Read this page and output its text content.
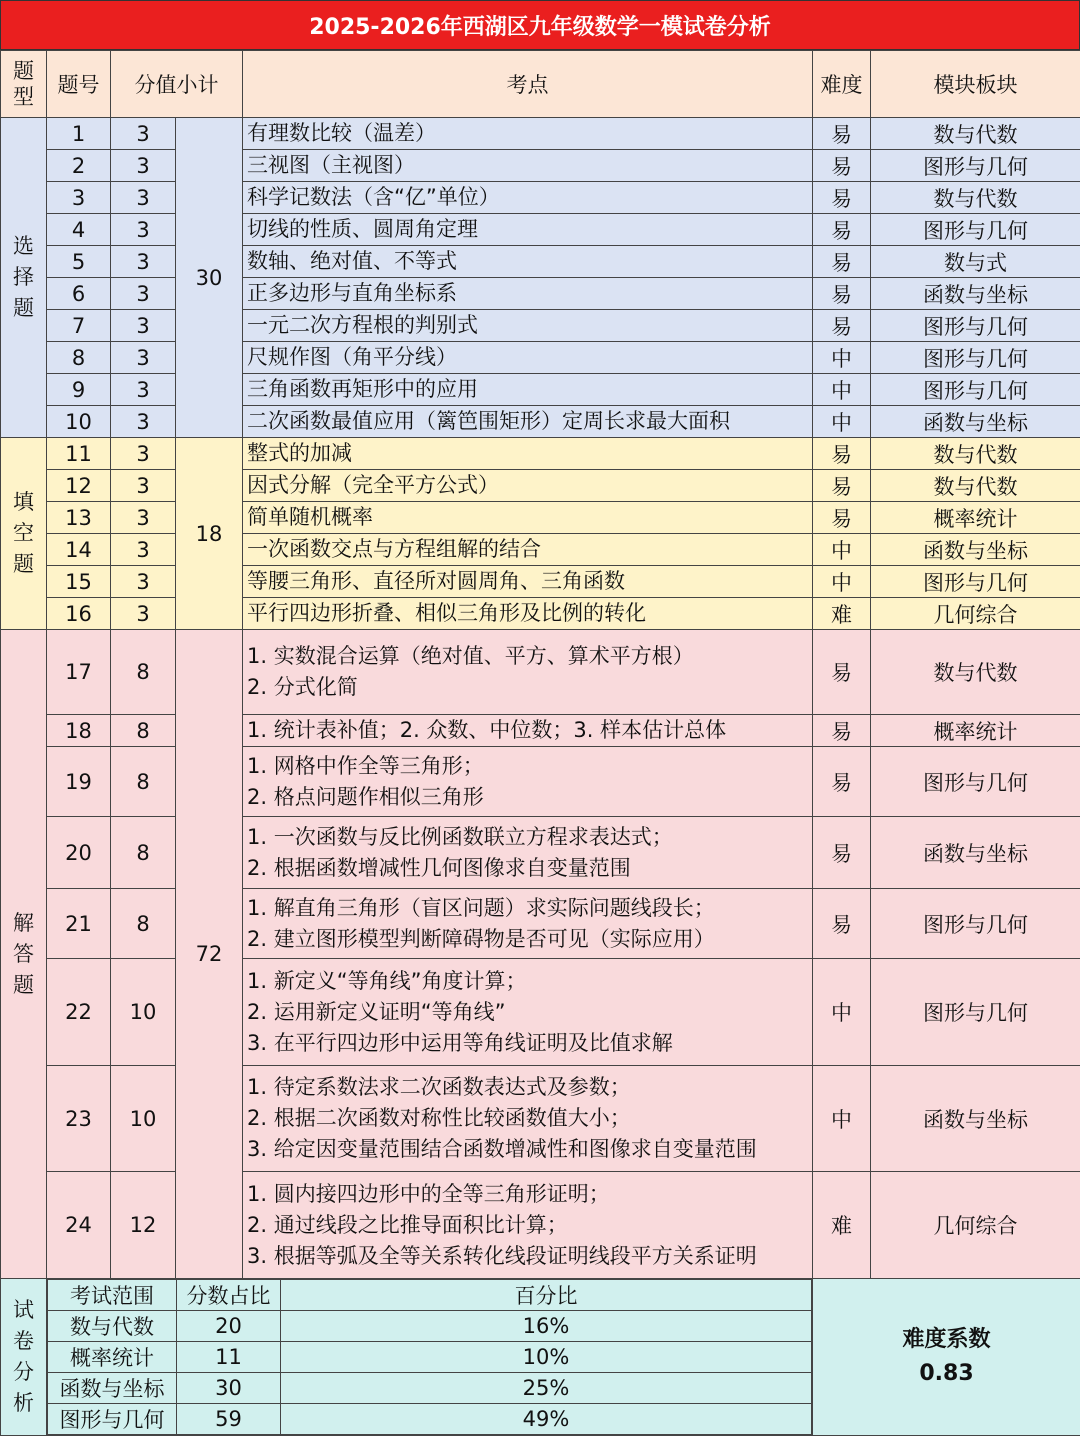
2025-2026年西湖区九年级数学一模试卷分析
题
型	题号	分值小计	考点	难度	模块板块
选
择
题	1	3	30	有理数比较（温差）	易	数与代数
2	3	三视图（主视图）	易	图形与几何
3	3	科学记数法（含“亿”单位）	易	数与代数
4	3	切线的性质、圆周角定理	易	图形与几何
5	3	数轴、绝对值、不等式	易	数与式
6	3	正多边形与直角坐标系	易	函数与坐标
7	3	一元二次方程根的判别式	易	图形与几何
8	3	尺规作图（角平分线）	中	图形与几何
9	3	三角函数再矩形中的应用	中	图形与几何
10	3	二次函数最值应用（篱笆围矩形）定周长求最大面积	中	函数与坐标
填
空
题	11	3	18	整式的加减	易	数与代数
12	3	因式分解（完全平方公式）	易	数与代数
13	3	简单随机概率	易	概率统计
14	3	一次函数交点与方程组解的结合	中	函数与坐标
15	3	等腰三角形、直径所对圆周角、三角函数	中	图形与几何
16	3	平行四边形折叠、相似三角形及比例的转化	难	几何综合
解
答
题	17	8	72	1. 实数混合运算（绝对值、平方、算术平方根）
2. 分式化简	易	数与代数
18	8	1. 统计表补值；2. 众数、中位数；3. 样本估计总体	易	概率统计
19	8	1. 网格中作全等三角形；
2. 格点问题作相似三角形	易	图形与几何
20	8	1. 一次函数与反比例函数联立方程求表达式；
2. 根据函数增减性几何图像求自变量范围	易	函数与坐标
21	8	1. 解直角三角形（盲区问题）求实际问题线段长；
2. 建立图形模型判断障碍物是否可见（实际应用）	易	图形与几何
22	10	1. 新定义“等角线”角度计算；
2. 运用新定义证明“等角线”
3. 在平行四边形中运用等角线证明及比值求解	中	图形与几何
23	10	1. 待定系数法求二次函数表达式及参数；
2. 根据二次函数对称性比较函数值大小；
3. 给定因变量范围结合函数增减性和图像求自变量范围	中	函数与坐标
24	12	1. 圆内接四边形中的全等三角形证明；
2. 通过线段之比推导面积比计算；
3. 根据等弧及全等关系转化线段证明线段平方关系证明	难	几何综合
试
卷
分
析	
考试范围	分数占比	百分比
数与代数	20	16%
概率统计	11	10%
函数与坐标	30	25%
图形与几何	59	49%

难度系数
0.83
